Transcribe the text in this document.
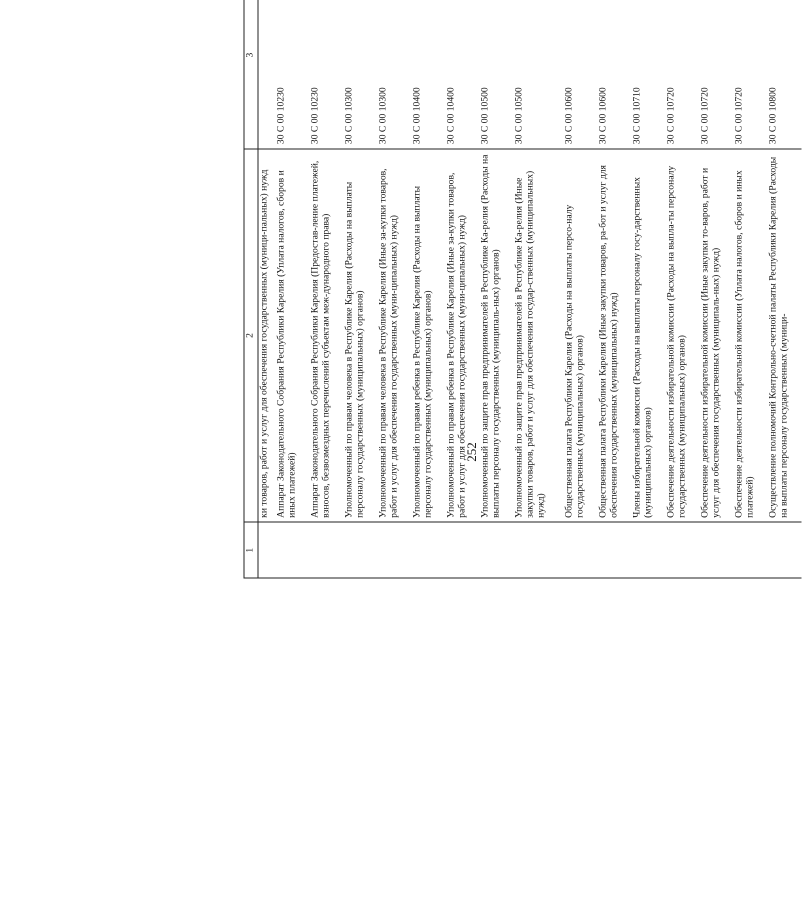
252
1	2	3		
	ки товаров, работ и услуг для обеспечения государственных (муници-пальных) нужд			
	Аппарат Законодательного Собрания Республики Карелия (Уплата налогов, сборов и иных платежей)	30 С 00 10230		
	Аппарат Законодательного Собрания Республики Карелия (Предостав-ление платежей, взносов, безвозмездных перечислений субъектам меж-дународного права)	30 С 00 10230		
	Уполномоченный по правам человека в Республике Карелия (Расходы на выплаты персоналу государственных (муниципальных) органов)	30 С 00 10300		
	Уполномоченный по правам человека в Республике Карелия (Иные за-купки товаров, работ и услуг для обеспечения государственных (муни-ципальных) нужд)	30 С 00 10300		
	Уполномоченный по правам ребенка в Республике Карелия (Расходы на выплаты персоналу государственных (муниципальных) органов)	30 С 00 10400		
	Уполномоченный по правам ребенка в Республике Карелия (Иные за-купки товаров, работ и услуг для обеспечения государственных (муни-ципальных) нужд)	30 С 00 10400		
	Уполномоченный по защите прав предпринимателей в Республике Ка-релия (Расходы на выплаты персоналу государственных (муниципаль-ных) органов)	30 С 00 10500		
	Уполномоченный по защите прав предпринимателей в Республике Ка-релия (Иные закупки товаров, работ и услуг для обеспечения государ-ственных (муниципальных) нужд)	30 С 00 10500		
	Общественная палата Республики Карелия (Расходы на выплаты персо-налу государственных (муниципальных) органов)	30 С 00 10600		
	Общественная палата Республики Карелия (Иные закупки товаров, ра-бот и услуг для обеспечения государственных (муниципальных) нужд)	30 С 00 10600		
	Члены избирательной комиссии (Расходы на выплаты персоналу госу-дарственных (муниципальных) органов)	30 С 00 10710		
	Обеспечение деятельности избирательной комиссии (Расходы на выпла-ты персоналу государственных (муниципальных) органов)	30 С 00 10720		
	Обеспечение деятельности избирательной комиссии (Иные закупки то-варов, работ и услуг для обеспечения государственных (муниципаль-ных) нужд)	30 С 00 10720		
	Обеспечение деятельности избирательной комиссии (Уплата налогов, сборов и иных платежей)	30 С 00 10720		
	Осуществление полномочий Контрольно-счетной палаты Республики Карелия (Расходы на выплаты персоналу государственных (муници-	30 С 00 10800		
